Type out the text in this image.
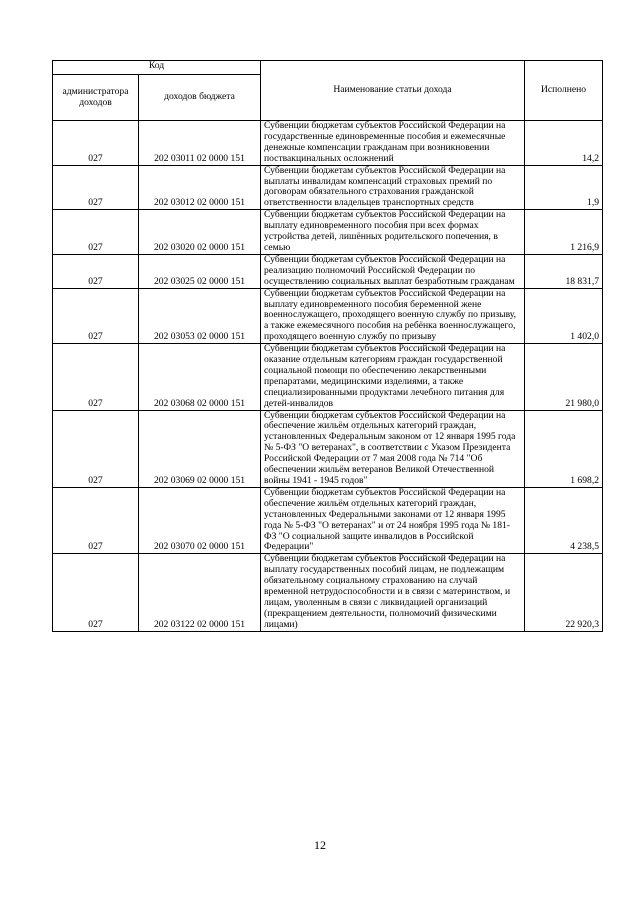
Код		Наименование статьи дохода	Исполнено
администратора доходов	доходов бюджета		
027	202 03011 02 0000 151	Субвенции бюджетам субъектов Российской Федерации на государственные единовременные пособия и ежемесячные денежные компенсации гражданам при возникновении поствакцинальных осложнений	14,2
027	202 03012 02 0000 151	Субвенции бюджетам субъектов Российской Федерации на выплаты инвалидам компенсаций страховых премий по договорам обязательного страхования гражданской ответственности владельцев транспортных средств	1,9
027	202 03020 02 0000 151	Субвенции бюджетам субъектов Российской Федерации на выплату единовременного пособия при всех формах устройства детей, лишённых родительского попечения, в семью	1 216,9
027	202 03025 02 0000 151	Субвенции бюджетам субъектов Российской Федерации на реализацию полномочий Российской Федерации по осуществлению социальных выплат безработным гражданам	18 831,7
027	202 03053 02 0000 151	Субвенции бюджетам субъектов Российской Федерации на выплату единовременного пособия беременной жене военнослужащего, проходящего военную службу по призыву, а также ежемесячного пособия на ребёнка военнослужащего, проходящего военную службу по призыву	1 402,0
027	202 03068 02 0000 151	Субвенции бюджетам субъектов Российской Федерации на оказание отдельным категориям граждан государственной социальной помощи по обеспечению лекарственными препаратами, медицинскими изделиями, а также специализированными продуктами лечебного питания для детей-инвалидов	21 980,0
027	202 03069 02 0000 151	Субвенции бюджетам субъектов Российской Федерации на обеспечение жильём отдельных категорий граждан, установленных Федеральным законом от 12 января 1995 года № 5-ФЗ "О ветеранах", в соответствии с Указом Президента Российской Федерации от 7 мая 2008 года № 714 "Об обеспечении жильём ветеранов Великой Отечественной войны 1941 - 1945 годов"	1 698,2
027	202 03070 02 0000 151	Субвенции бюджетам субъектов Российской Федерации на обеспечение жильём отдельных категорий граждан, установленных Федеральными законами от 12 января 1995 года № 5-ФЗ "О ветеранах" и от 24 ноября 1995 года № 181-ФЗ "О социальной защите инвалидов в Российской Федерации"	4 238,5
027	202 03122 02 0000 151	Субвенции бюджетам субъектов Российской Федерации на выплату государственных пособий лицам, не подлежащим обязательному социальному страхованию на случай временной нетрудоспособности и в связи с материнством, и лицам, уволенным в связи с ликвидацией организаций (прекращением деятельности, полномочий физическими лицами)	22 920,3
12
